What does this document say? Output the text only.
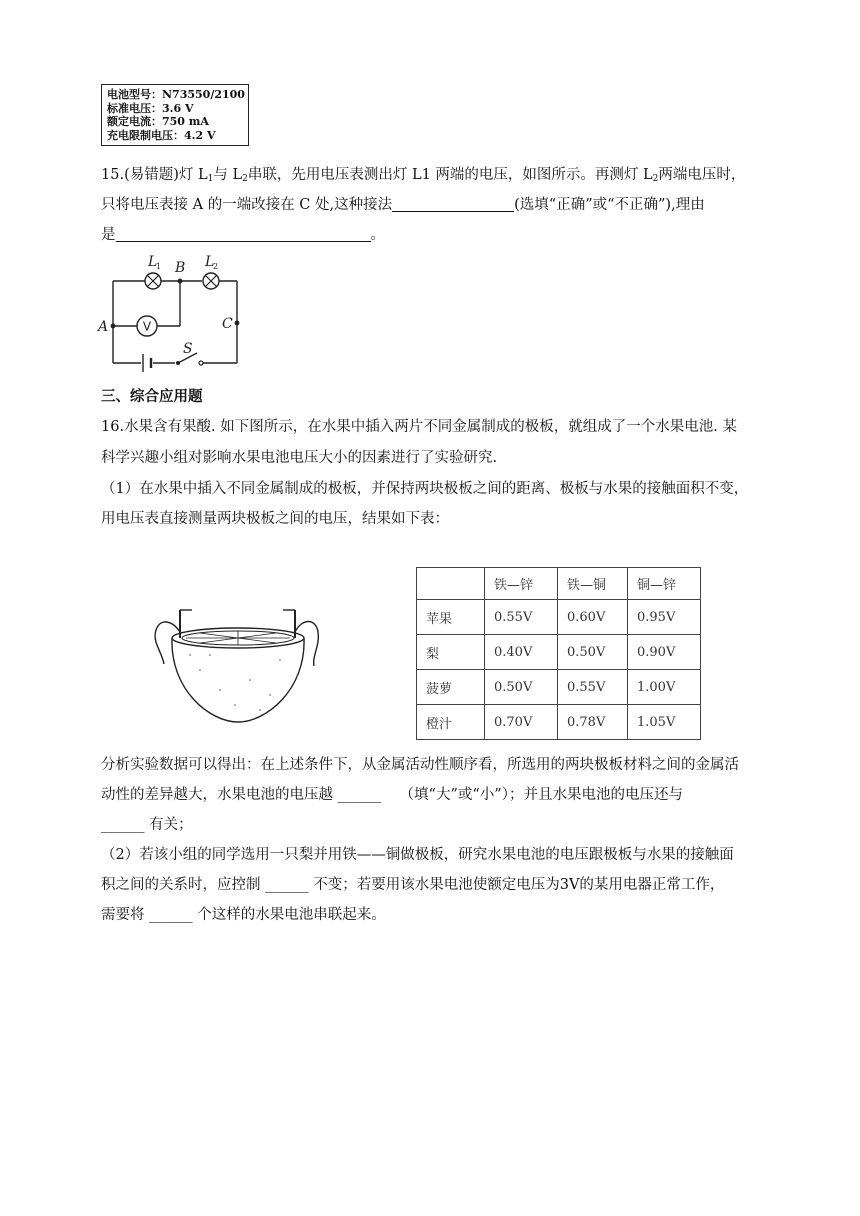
电池型号：N73550/2100
标准电压：3.6 V
额定电流：750 mA
充电限制电压：4.2 V
15.(易错题)灯 $L_1$与 $L_2$串联，先用电压表测出灯 L1 两端的电压，如图所示。再测灯 $L_2$两端电压时，
只将电压表接 A 的一端改接在 C 处,这种接法	(选填“正确”或“不正确”),理由
是	。
V
L
1	L
2
B
A	C
S
三、综合应用题
16.水果含有果酸. 如下图所示，在水果中插入两片不同金属制成的极板，就组成了一个水果电池. 某
科学兴趣小组对影响水果电池电压大小的因素进行了实验研究.
（1）在水果中插入不同金属制成的极板，并保持两块极板之间的距离、极板与水果的接触面积不变，
用电压表直接测量两块极板之间的电压，结果如下表：
	铁—锌	铁—铜	铜—锌
苹果	0.55V	0.60V	0.95V
梨	0.40V	0.50V	0.90V
菠萝	0.50V	0.55V	1.00V
橙汁	0.70V	0.78V	1.05V
分析实验数据可以得出：在上述条件下，从金属活动性顺序看，所选用的两块极板材料之间的金属活
动性的差异越大，水果电池的电压越 ______ （填“大”或“小”）；并且水果电池的电压还与
______ 有关；
（2）若该小组的同学选用一只梨并用铁——铜做极板，研究水果电池的电压跟极板与水果的接触面
积之间的关系时，应控制 ______ 不变；若要用该水果电池使额定电压为3V的某用电器正常工作，
需要将 ______ 个这样的水果电池串联起来。
